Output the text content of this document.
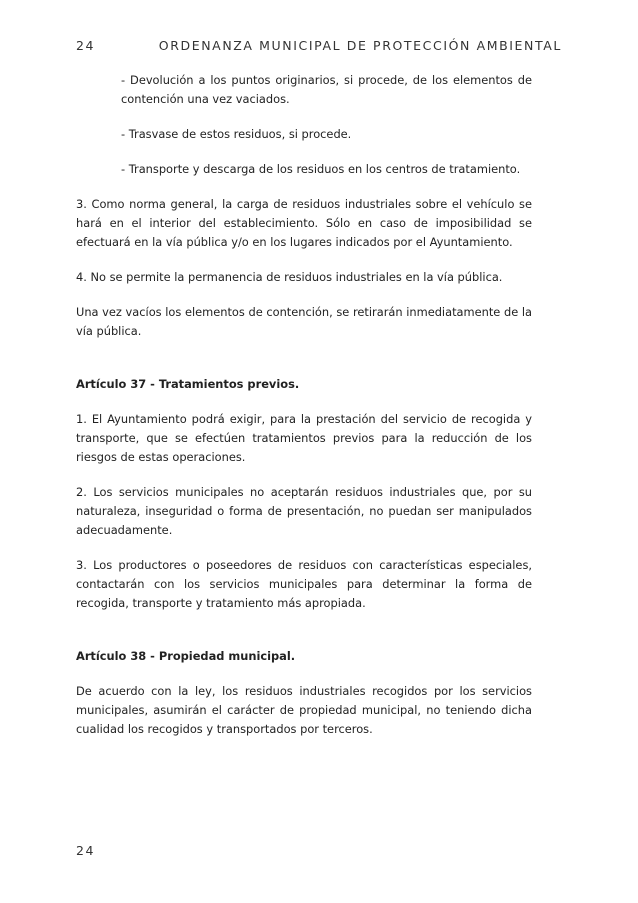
24	ORDENANZA MUNICIPAL DE PROTECCIÓN AMBIENTAL

- Devolución a los puntos originarios, si procede, de los elementos de contención una vez vaciados.

- Trasvase de estos residuos, si procede.

- Transporte y descarga de los residuos en los centros de tratamiento.

3. Como norma general, la carga de residuos industriales sobre el vehículo se hará en el interior del establecimiento. Sólo en caso de imposibilidad se efectuará en la vía pública y/o en los lugares indicados por el Ayuntamiento.

4. No se permite la permanencia de residuos industriales en la vía pública.

Una vez vacíos los elementos de contención, se retirarán inmediatamente de la vía pública.

Artículo 37 - Tratamientos previos.

1. El Ayuntamiento podrá exigir, para la prestación del servicio de recogida y transporte, que se efectúen tratamientos previos para la reducción de los riesgos de estas operaciones.

2. Los servicios municipales no aceptarán residuos industriales que, por su naturaleza, inseguridad o forma de presentación, no puedan ser manipulados adecuadamente.

3. Los productores o poseedores de residuos con características especiales, contactarán con los servicios municipales para determinar la forma de recogida, transporte y tratamiento más apropiada.

Artículo 38 - Propiedad municipal.

De acuerdo con la ley, los residuos industriales recogidos por los servicios municipales, asumirán el carácter de propiedad municipal, no teniendo dicha cualidad los recogidos y transportados por terceros.

24
